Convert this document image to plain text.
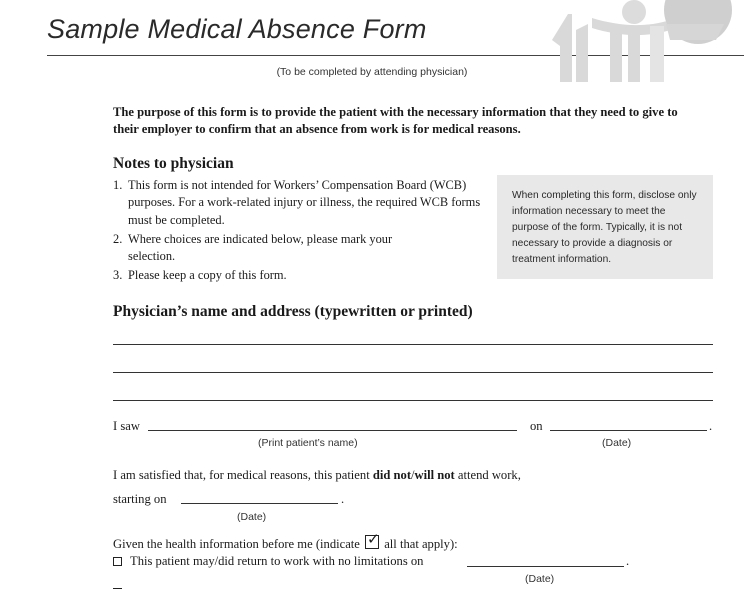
Sample Medical Absence Form
(To be completed by attending physician)
The purpose of this form is to provide the patient with the necessary information that they need to give to their employer to confirm that an absence from work is for medical reasons.
Notes to physician
1. This form is not intended for Workers’ Compensation Board (WCB) purposes. For a work-related injury or illness, the required WCB forms must be completed.
2. Where choices are indicated below, please mark your selection.
3. Please keep a copy of this form.
When completing this form, disclose only information necessary to meet the purpose of the form. Typically, it is not necessary to provide a diagnosis or treatment information.
Physician’s name and address (typewritten or printed)
I saw	on	.
(Print patient’s name)	(Date)
I am satisfied that, for medical reasons, this patient did not/will not attend work,
starting on	.
(Date)
Given the health information before me (indicate ✓ all that apply):
This patient may/did return to work with no limitations on	.
(Date)
